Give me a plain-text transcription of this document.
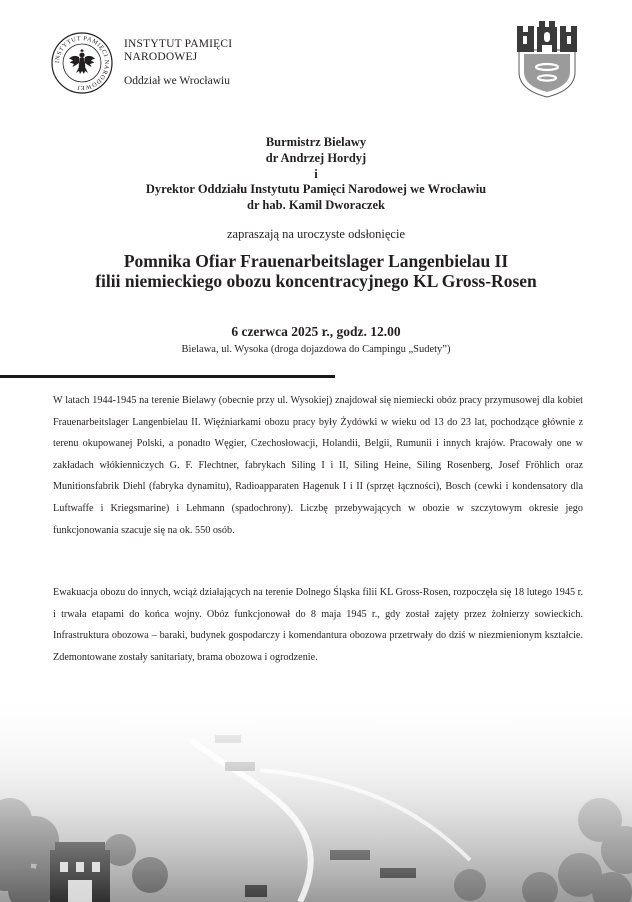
INSTYTUT PAMIĘCI NARODOWEJ
INSTYTUT PAMIĘCI
NARODOWEJ
Oddział we Wrocławiu
Burmistrz Bielawy
dr Andrzej Hordyj
i
Dyrektor Oddziału Instytutu Pamięci Narodowej we Wrocławiu
dr hab. Kamil Dworaczek
zapraszają na uroczyste odsłonięcie
Pomnika Ofiar Frauenarbeitslager Langenbielau II
filii niemieckiego obozu koncentracyjnego KL Gross-Rosen
6 czerwca 2025 r., godz. 12.00
Bielawa, ul. Wysoka (droga dojazdowa do Campingu „Sudety”)
W latach 1944-1945 na terenie Bielawy (obecnie przy ul. Wysokiej) znajdował się niemiecki obóz pracy przymusowej dla kobiet Frauenarbeitslager Langenbielau II. Więźniarkami obozu pracy były Żydówki w wieku od 13 do 23 lat, pochodzące głównie z terenu okupowanej Polski, a ponadto Węgier, Czechosłowacji, Holandii, Belgii, Rumunii i innych krajów. Pracowały one w zakładach włókienniczych G. F. Flechtner, fabrykach Siling I i II, Siling Heine, Siling Rosenberg, Josef Fröhlich oraz Munitionsfabrik Diehl (fabryka dynamitu), Radioapparaten Hagenuk I i II (sprzęt łączności), Bosch (cewki i kondensatory dla Luftwaffe i Kriegsmarine) i Lehmann (spadochrony). Liczbę przebywających w obozie w szczytowym okresie jego funkcjonowania szacuje się na ok. 550 osób.
Ewakuacja obozu do innych, wciąż działających na terenie Dolnego Śląska filii KL Gross-Rosen, rozpoczęła się 18 lutego 1945 r. i trwała etapami do końca wojny. Obóz funkcjonował do 8 maja 1945 r., gdy został zajęty przez żołnierzy sowieckich. Infrastruktura obozowa – baraki, budynek gospodarczy i komendantura obozowa przetrwały do dziś w niezmienionym kształcie. Zdemontowane zostały sanitariaty, brama obozowa i ogrodzenie.
